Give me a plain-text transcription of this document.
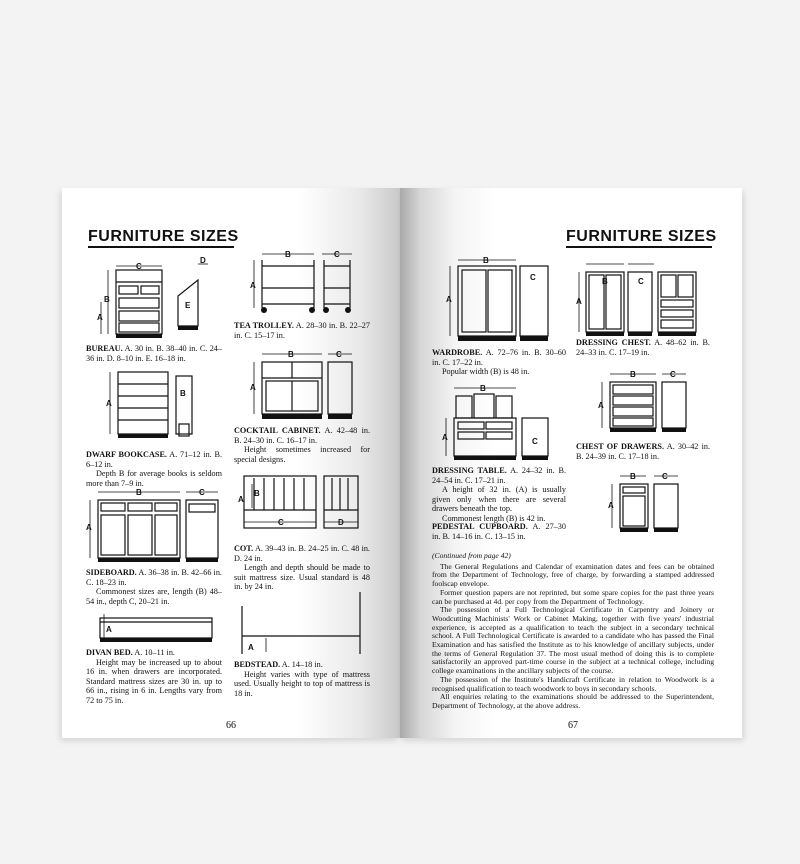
FURNITURE SIZES
C
B
A
D
E
BUREAU. A. 30 in. B. 38–40 in. C. 24–36 in. D. 8–10 in. E. 16–18 in.
A
B
DWARF BOOKCASE. A. 71–12 in. B. 6–12 in.
Depth B for average books is seldom more than 7–9 in.
B
A
C
SIDEBOARD. A. 36–38 in. B. 42–66 in. C. 18–23 in.
Commonest sizes are, length (B) 48–54 in., depth C, 20–21 in.
A
DIVAN BED. A. 10–11 in.
Height may be increased up to about 16 in. when drawers are incorporated. Standard mattress sizes are 30 in. up to 66 in., rising in 6 in. Lengths vary from 72 to 75 in.
B
A
C
TEA TROLLEY. A. 28–30 in. B. 22–27 in. C. 15–17 in.
B
A
C
COCKTAIL CABINET. A. 42–48 in. B. 24–30 in. C. 16–17 in.
Height sometimes increased for special designs.
A
B
C	D
COT. A. 39–43 in. B. 24–25 in. C. 48 in. D. 24 in.
Length and depth should be made to suit mattress size. Usual standard is 48 in. by 24 in.
A
BEDSTEAD. A. 14–18 in.
Height varies with type of mattress used. Usually height to top of mattress is 18 in.
66
FURNITURE SIZES
B
A
C
WARDROBE. A. 72–76 in. B. 30–60 in. C. 17–22 in.
Popular width (B) is 48 in.
B
A	C
DRESSING TABLE. A. 24–32 in. B. 24–54 in. C. 17–21 in.
A height of 32 in. (A) is usually given only when there are several drawers beneath the top.
Commonest length (B) is 42 in.
PEDESTAL CUPBOARD. A. 27–30 in. B. 14–16 in. C. 13–15 in.
B
A
C
DRESSING CHEST. A. 48–62 in. B. 24–33 in. C. 17–19 in.
B
A
C
CHEST OF DRAWERS. A. 30–42 in. B. 24–39 in. C. 17–18 in.
B
A
C

(Continued from page 42)

The General Regulations and Calendar of examination dates and fees can be obtained from the Department of Technology, free of charge, by forwarding a stamped addressed foolscap envelope.

Former question papers are not reprinted, but some spare copies for the past three years can be purchased at 4d. per copy from the Department of Technology.

The possession of a Full Technological Certificate in Carpentry and Joinery or Woodcutting Machinists' Work or Cabinet Making, together with five years' industrial experience, is accepted as a qualification to teach the subject in a secondary technical school. A Full Technological Certificate is awarded to a candidate who has passed the Final Examination and has satisfied the Institute as to his knowledge of ancillary subjects, under the terms of General Regulation 37. The most usual method of doing this is to complete satisfactorily an approved part-time course in the subject at a technical college, including college examinations in the ancillary subjects of the course.

The possession of the Institute's Handicraft Certificate in relation to Woodwork is a recognised qualification to teach woodwork to boys in secondary schools.

All enquiries relating to the examinations should be addressed to the Superintendent, Department of Technology, at the above address.

67
